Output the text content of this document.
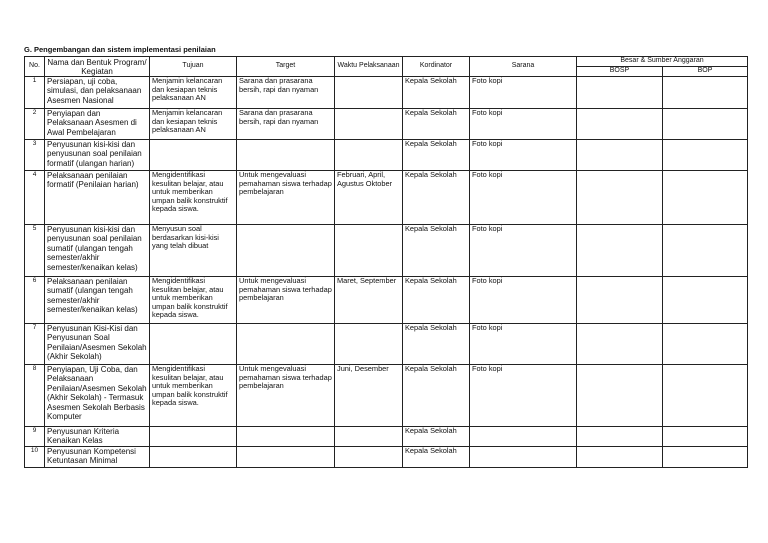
G. Pengembangan dan sistem implementasi penilaian
No.	Nama dan Bentuk Program/ Kegiatan	Tujuan	Target	Waktu Pelaksanaan	Kordinator	Sarana	Besar & Sumber Anggaran	
							BOSP	BOP
1	Persiapan, uji coba, simulasi, dan pelaksanaan Asesmen Nasional	Menjamin kelancaran dan kesiapan teknis pelaksanaan AN	Sarana dan prasarana bersih, rapi dan nyaman		Kepala Sekolah	Foto kopi		
2	Penyiapan dan Pelaksanaan Asesmen di Awal Pembelajaran	Menjamin kelancaran dan kesiapan teknis pelaksanaan AN	Sarana dan prasarana bersih, rapi dan nyaman		Kepala Sekolah	Foto kopi		
3	Penyusunan kisi-kisi dan penyusunan soal penilaian formatif (ulangan harian)				Kepala Sekolah	Foto kopi		
4	Pelaksanaan penilaian formatif (Penilaian harian)	Mengidentifikasi kesulitan belajar, atau untuk memberikan umpan balik konstruktif kepada siswa.	Untuk mengevaluasi pemahaman siswa terhadap pembelajaran	Februari, April, Agustus Oktober	Kepala Sekolah	Foto kopi		
5	Penyusunan kisi-kisi dan penyusunan soal penilaian sumatif (ulangan tengah semester/akhir semester/kenaikan kelas)	Menyusun soal berdasarkan kisi-kisi yang telah dibuat			Kepala Sekolah	Foto kopi		
6	Pelaksanaan penilaian sumatif (ulangan tengah semester/akhir semester/kenaikan kelas)	Mengidentifikasi kesulitan belajar, atau untuk memberikan umpan balik konstruktif kepada siswa.	Untuk mengevaluasi pemahaman siswa terhadap pembelajaran	Maret, September	Kepala Sekolah	Foto kopi		
7	Penyusunan Kisi-Kisi dan Penyusunan Soal Penilaian/Asesmen Sekolah (Akhir Sekolah)				Kepala Sekolah	Foto kopi		
8	Penyiapan, Uji Coba, dan Pelaksanaan Penilaian/Asesmen Sekolah (Akhir Sekolah) - Termasuk Asesmen Sekolah Berbasis Komputer	Mengidentifikasi kesulitan belajar, atau untuk memberikan umpan balik konstruktif kepada siswa.	Untuk mengevaluasi pemahaman siswa terhadap pembelajaran	Juni, Desember	Kepala Sekolah	Foto kopi		
9	Penyusunan Kriteria Kenaikan Kelas				Kepala Sekolah			
10	Penyusunan Kompetensi Ketuntasan Minimal				Kepala Sekolah			
